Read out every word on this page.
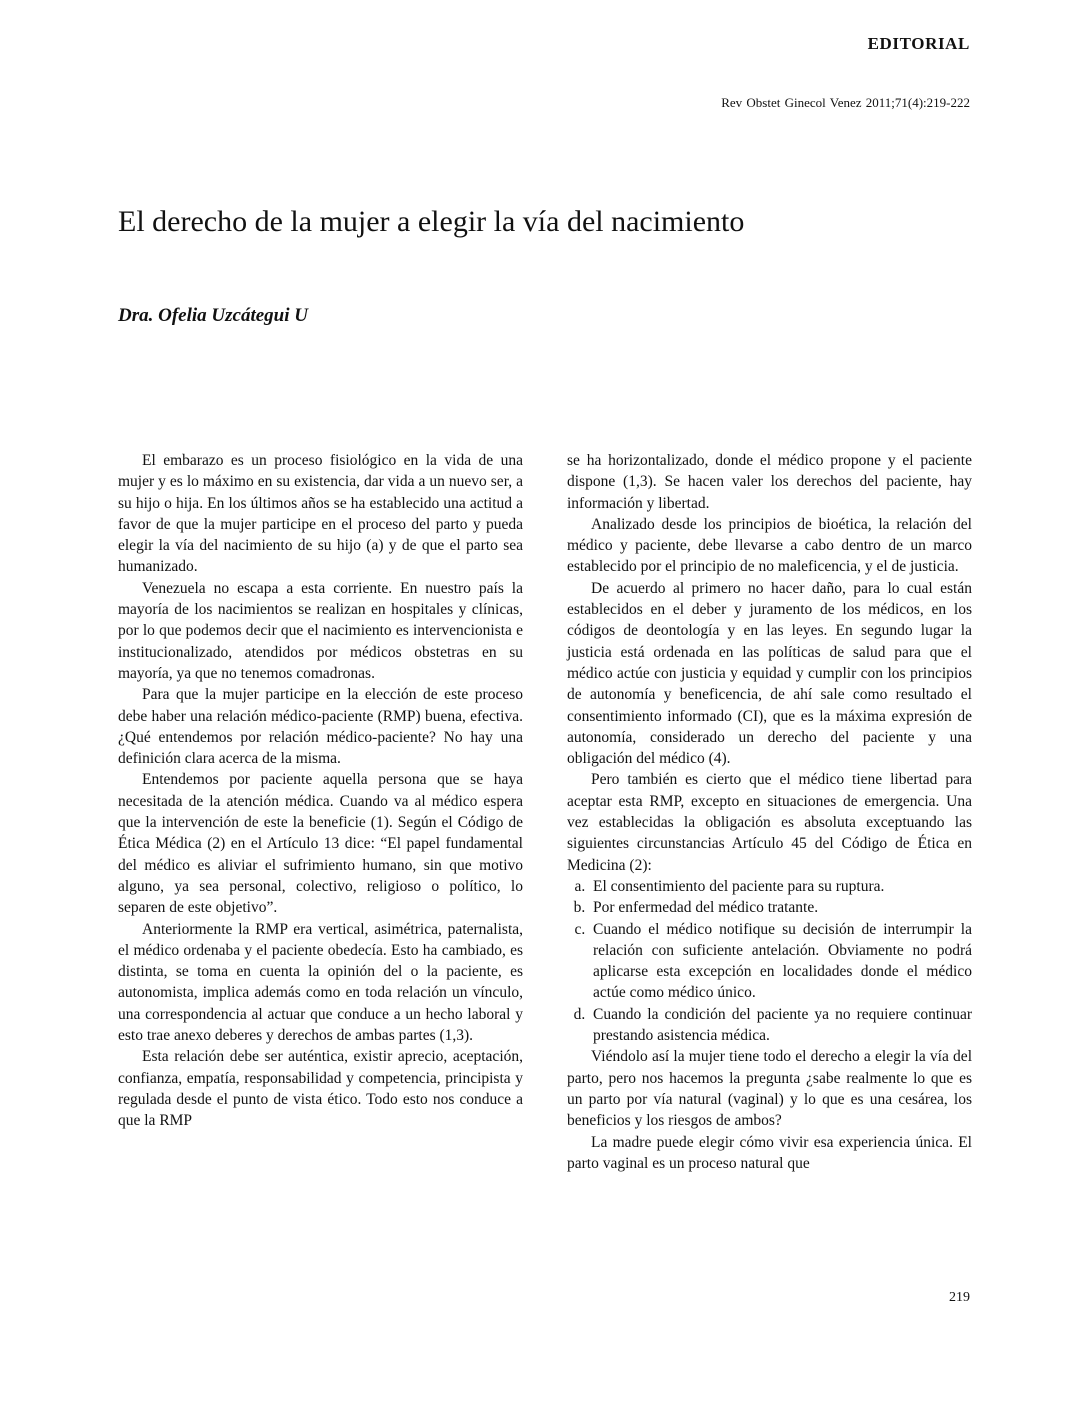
EDITORIAL
Rev Obstet Ginecol Venez 2011;71(4):219-222
El derecho de la mujer a elegir la vía del nacimiento
Dra. Ofelia Uzcátegui U

El embarazo es un proceso fisiológico en la vida de una mujer y es lo máximo en su existencia, dar vida a un nuevo ser, a su hijo o hija. En los últimos años se ha establecido una actitud a favor de que la mujer participe en el proceso del parto y pueda elegir la vía del nacimiento de su hijo (a) y de que el parto sea humanizado.

Venezuela no escapa a esta corriente. En nuestro país la mayoría de los nacimientos se realizan en hospitales y clínicas, por lo que podemos decir que el nacimiento es intervencionista e institucionalizado, atendidos por médicos obstetras en su mayoría, ya que no tenemos comadronas.

Para que la mujer participe en la elección de este proceso debe haber una relación médico-paciente (RMP) buena, efectiva. ¿Qué entendemos por relación médico-paciente? No hay una definición clara acerca de la misma.

Entendemos por paciente aquella persona que se haya necesitada de la atención médica. Cuando va al médico espera que la intervención de este la beneficie (1). Según el Código de Ética Médica (2) en el Artículo 13 dice: “El papel fundamental del médico es aliviar el sufrimiento humano, sin que motivo alguno, ya sea personal, colectivo, religioso o político, lo separen de este objetivo”.

Anteriormente la RMP era vertical, asimétrica, paternalista, el médico ordenaba y el paciente obedecía. Esto ha cambiado, es distinta, se toma en cuenta la opinión del o la paciente, es autonomista, implica además como en toda relación un vínculo, una correspondencia al actuar que conduce a un hecho laboral y esto trae anexo deberes y derechos de ambas partes (1,3).

Esta relación debe ser auténtica, existir aprecio, aceptación, confianza, empatía, responsabilidad y competencia, principista y regulada desde el punto de vista ético. Todo esto nos conduce a que la RMP

se ha horizontalizado, donde el médico propone y el paciente dispone (1,3). Se hacen valer los derechos del paciente, hay información y libertad.

Analizado desde los principios de bioética, la relación del médico y paciente, debe llevarse a cabo dentro de un marco establecido por el principio de no maleficencia, y el de justicia.

De acuerdo al primero no hacer daño, para lo cual están establecidos en el deber y juramento de los médicos, en los códigos de deontología y en las leyes. En segundo lugar la justicia está ordenada en las políticas de salud para que el médico actúe con justicia y equidad y cumplir con los principios de autonomía y beneficencia, de ahí sale como resultado el consentimiento informado (CI), que es la máxima expresión de autonomía, considerado un derecho del paciente y una obligación del médico (4).

Pero también es cierto que el médico tiene libertad para aceptar esta RMP, excepto en situaciones de emergencia. Una vez establecidas la obligación es absoluta exceptuando las siguientes circunstancias Artículo 45 del Código de Ética en Medicina (2):

a. El consentimiento del paciente para su ruptura.
b. Por enfermedad del médico tratante.
c. Cuando el médico notifique su decisión de interrumpir la relación con suficiente antelación. Obviamente no podrá aplicarse esta excepción en localidades donde el médico actúe como médico único.
d. Cuando la condición del paciente ya no requiere continuar prestando asistencia médica.

Viéndolo así la mujer tiene todo el derecho a elegir la vía del parto, pero nos hacemos la pregunta ¿sabe realmente lo que es un parto por vía natural (vaginal) y lo que es una cesárea, los beneficios y los riesgos de ambos?

La madre puede elegir cómo vivir esa experiencia única. El parto vaginal es un proceso natural que

219
